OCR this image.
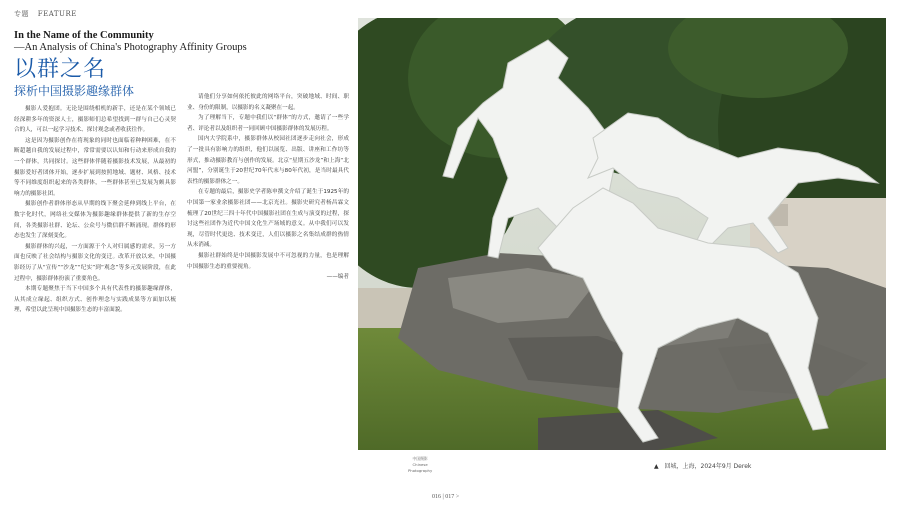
专题 FEATURE
In the Name of the Community
—An Analysis of China's Photography Affinity Groups
以群之名
探析中国摄影趣缘群体

摄影人爱抱团。无论是围绕相机的新手，还是在某个领域已经深耕多年的资深人士，摄影师们总希望找到一群与自己心灵契合的人，可以一起学习技术、探讨观念或者收获往作。

这是因为摄影创作在将现象的同时也面临着种种困难，在不断超越自我的发展过程中，常常需要以认知和行动来形成自我的一个群体，共同探讨。这些群体伴随着摄影技术发展，从最初的摄影爱好者团体开始，逐步扩展到按照地域、题材、风格、技术等不同维度组织起来的各类群体，一些群体甚至已发展为颇具影响力的摄影社团。

摄影创作者群体形态从早期的线下聚会延伸到线上平台，在数字化时代，网络社交媒体为摄影趣缘群体提供了新的生存空间，各类摄影社群、论坛、公众号与微信群不断涌现。群体的形态也发生了深刻变化。

摄影群体的兴起，一方面源于个人对归属感的需求，另一方面也反映了社会结构与摄影文化的变迁。改革开放以来，中国摄影经历了从“宣传”“沙龙”“纪实”到“观念”等多元发展阶段，在此过程中，摄影群体扮演了重要角色。

本期专题聚焦于当下中国多个具有代表性的摄影趣缘群体，从其成立缘起、组织方式、创作理念与实践成果等方面加以梳理，希望以此呈现中国摄影生态的丰富面貌。

请他们分享如何依托彼此的网络平台，突破地域、时间、职业、身份的限制，以摄影的名义凝聚在一起。

为了理解当下，专题中我们以“群体”的方式，邀请了一些学者、评论者以及组织者一同回顾中国摄影群体的发展历程。

国内大学院系中，摄影群体从校园社团逐步走向社会，形成了一批具有影响力的组织，他们以展览、出版、讲座和工作坊等形式，推动摄影教育与创作的发展。北京“星期五沙龙”和上海“北河盟”，分别诞生于20世纪70年代末与80年代初，是当时最具代表性的摄影群体之一。

在专题的最后，摄影史学者陈申撰文介绍了诞生于1925年的中国第一家业余摄影社团——北京光社。摄影史研究者杨昌霖文梳理了20世纪三四十年代中国摄影社团在生成与演变的过程，探讨这些社团作为近代中国文化生产场域的意义。从中我们可以发现，尽管时代更迭、技术变迁，人们以摄影之名集结成群的热情从未消减。

摄影社群始终是中国摄影发展中不可忽视的力量，也是理解中国摄影生态的重要视角。

——编者

中国摄影
Chinese
Photography
▲ 回城，上海，2024年9月 Derek
016 | 017 >
